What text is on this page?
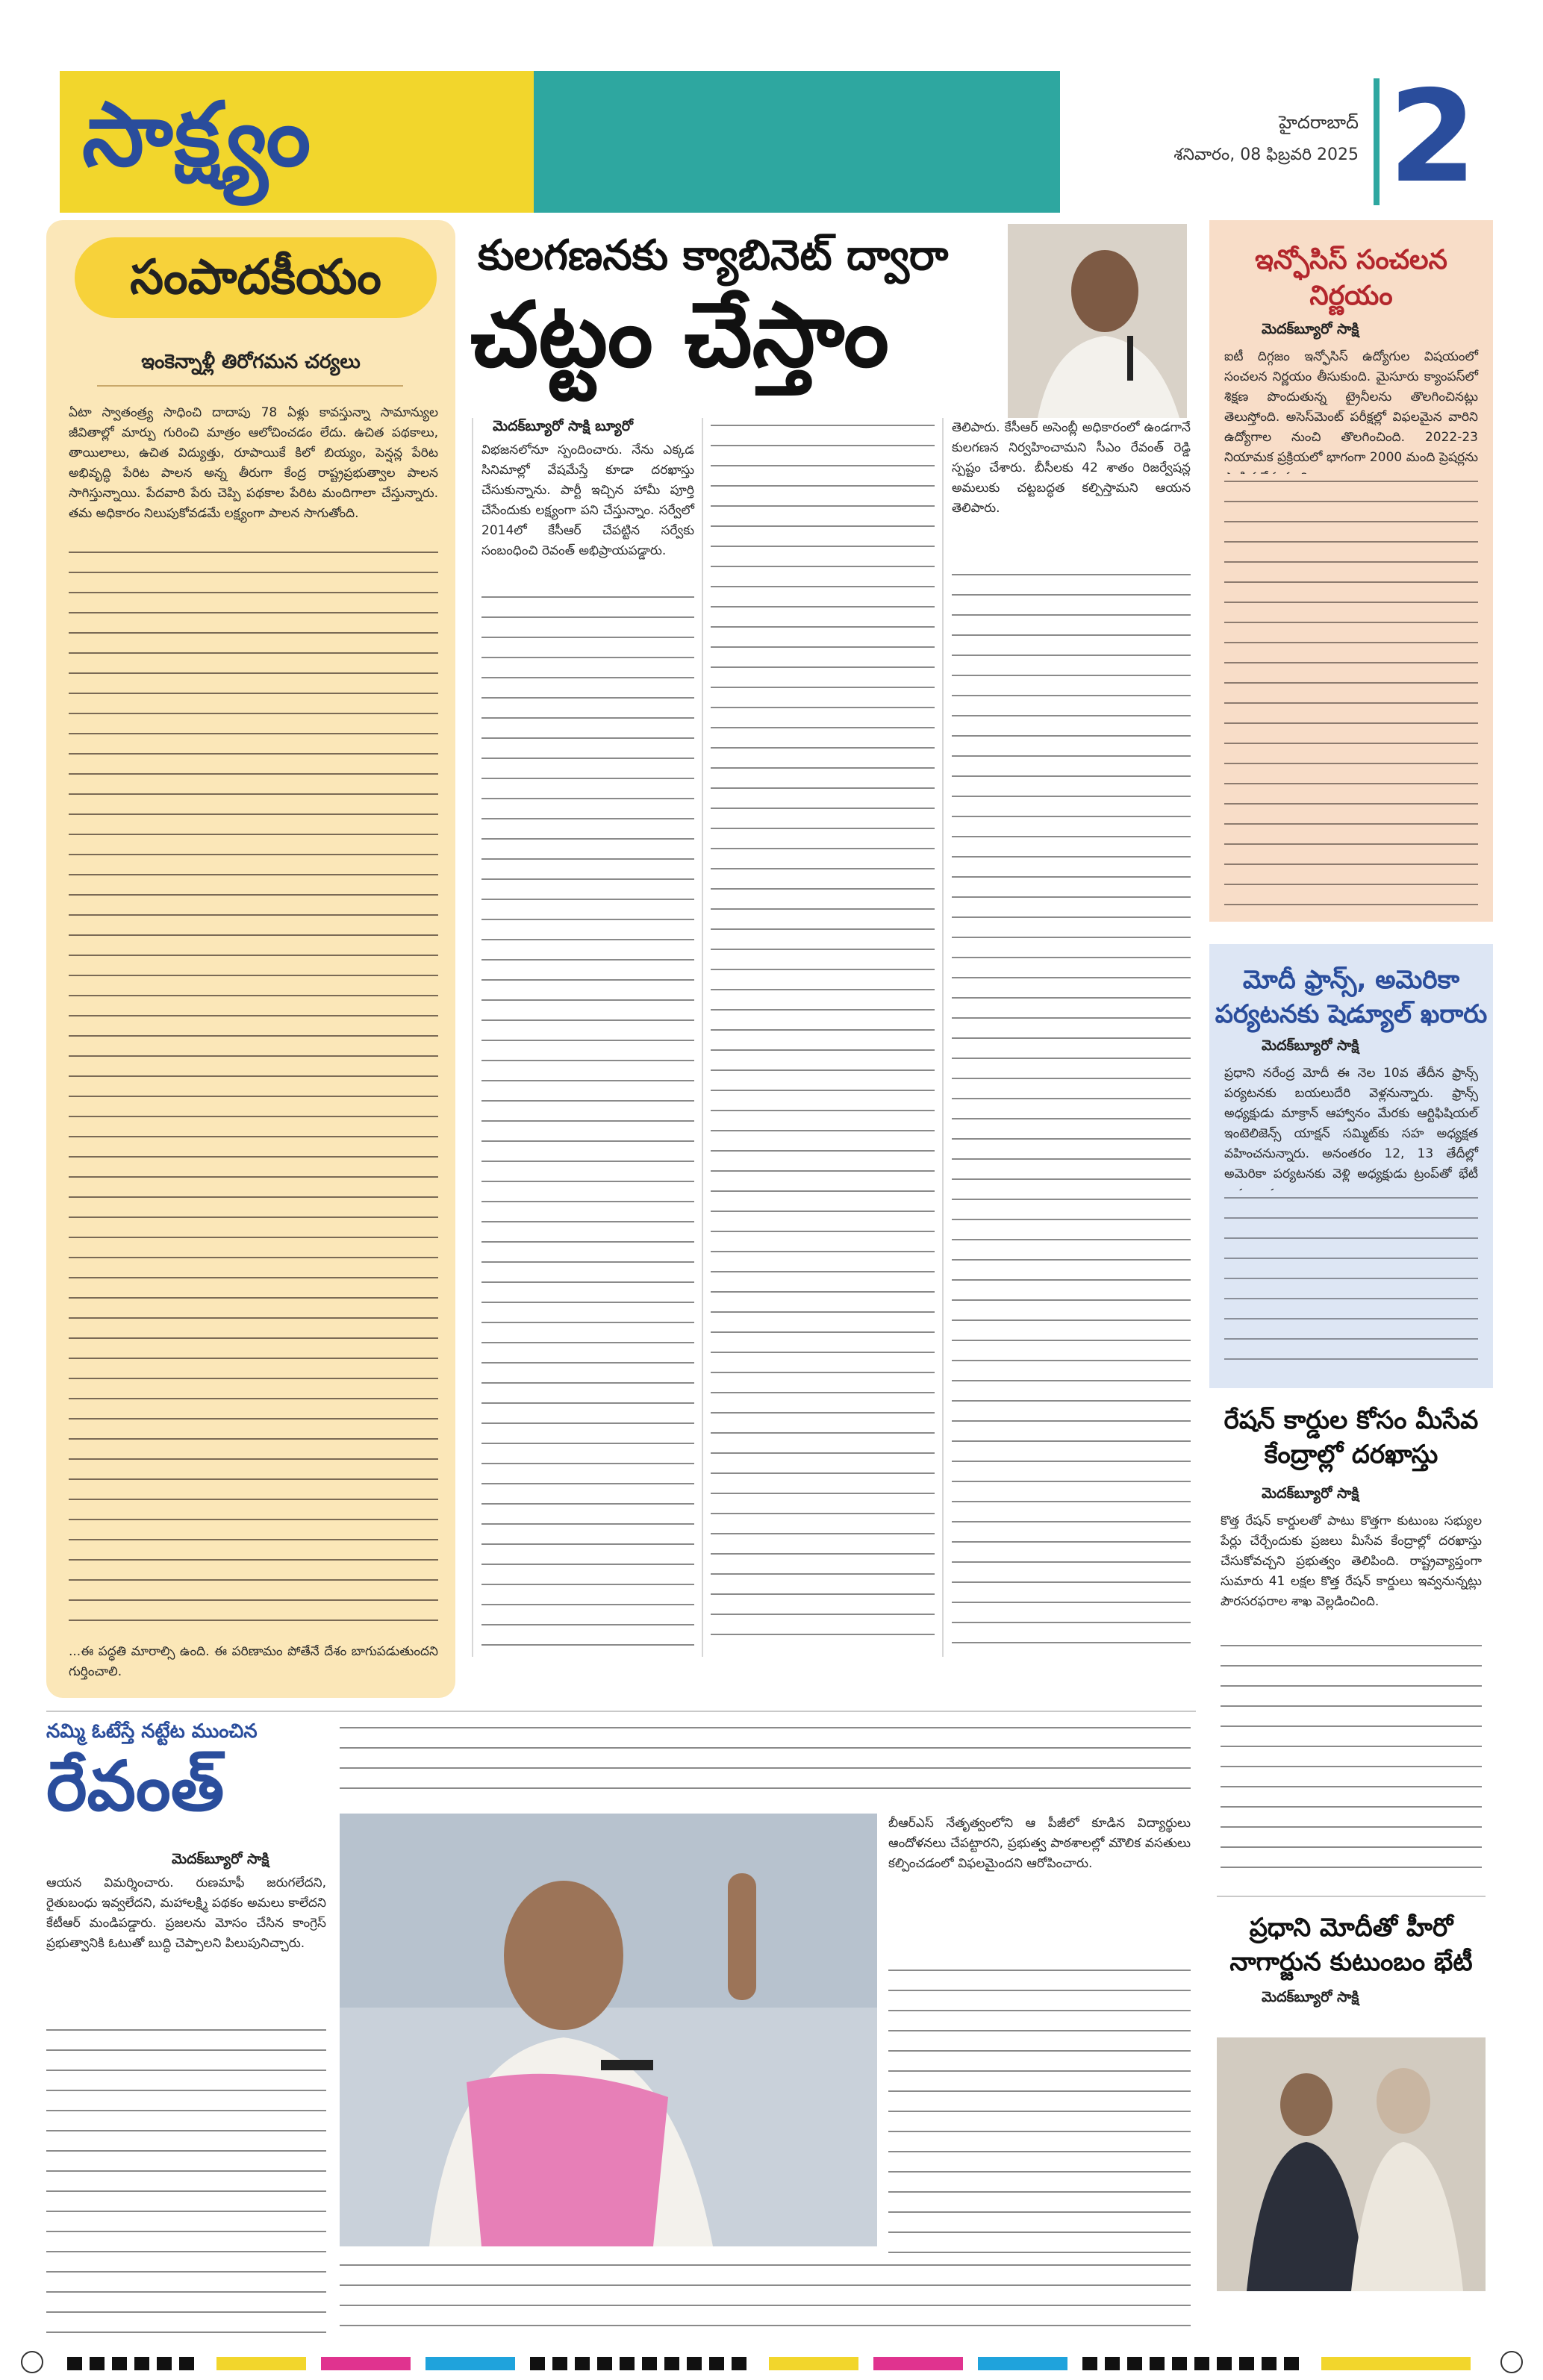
సాక్ష్యం	హైదరాబాద్
శనివారం, 08 ఫిబ్రవరి 2025 2
సంపాదకీయం
ఇంకెన్నాళ్లీ తిరోగమన చర్యలు
ఏటా స్వాతంత్ర్య సాధించి దాదాపు 78 ఏళ్లు కావస్తున్నా సామాన్యుల జీవితాల్లో మార్పు గురించి మాత్రం ఆలోచించడం లేదు. ఉచిత పథకాలు, తాయిలాలు, ఉచిత విద్యుత్తు, రూపాయికే కిలో బియ్యం, పెన్షన్ల పేరిట అభివృద్ధి పేరిట పాలన అన్న తీరుగా కేంద్ర రాష్ట్రప్రభుత్వాల పాలన సాగిస్తున్నాయి. పేదవారి పేరు చెప్పి పథకాల పేరిట మందిగాలా చేస్తున్నారు. తమ అధికారం నిలుపుకోవడమే లక్ష్యంగా పాలన సాగుతోంది.
...ఈ పద్ధతి మారాల్సి ఉంది. ఈ పరిణామం పోతేనే దేశం బాగుపడుతుందని గుర్తించాలి.
కులగణనకు క్యాబినెట్ ద్వారా
చట్టం చేస్తాం
మెదక్‌బ్యూరో సాక్షి బ్యూరో
విభజనలోనూ స్పందించారు. నేను ఎక్కడ సినిమాల్లో వేషమేస్తే కూడా దరఖాస్తు చేసుకున్నాను. పార్టీ ఇచ్చిన హామీ పూర్తి చేసేందుకు లక్ష్యంగా పని చేస్తున్నాం. సర్వేలో 2014లో కేసీఆర్ చేపట్టిన సర్వేకు సంబంధించి రెవంత్ అభిప్రాయపడ్డారు.
తెలిపారు. కేసీఆర్ అసెంబ్లీ అధికారంలో ఉండగానే కులగణన నిర్వహించామని సీఎం రేవంత్ రెడ్డి స్పష్టం చేశారు. బీసీలకు 42 శాతం రిజర్వేషన్ల అమలుకు చట్టబద్ధత కల్పిస్తామని ఆయన తెలిపారు.
ఇన్ఫోసిస్ సంచలన
నిర్ణయం
మెదక్‌బ్యూరో సాక్షి
ఐటీ దిగ్గజం ఇన్ఫోసిస్ ఉద్యోగుల విషయంలో సంచలన నిర్ణయం తీసుకుంది. మైసూరు క్యాంపస్‌లో శిక్షణ పొందుతున్న ట్రైనీలను తొలగించినట్లు తెలుస్తోంది. అసెస్‌మెంట్ పరీక్షల్లో విఫలమైన వారిని ఉద్యోగాల నుంచి తొలగించింది. 2022-23 నియామక ప్రక్రియలో భాగంగా 2000 మంది ప్రెషర్లను
మోదీ ఫ్రాన్స్, అమెరికా
పర్యటనకు షెడ్యూల్ ఖరారు
మెదక్‌బ్యూరో సాక్షి
ప్రధాని నరేంద్ర మోదీ ఈ నెల 10వ తేదీన ఫ్రాన్స్ పర్యటనకు బయలుదేరి వెళ్లనున్నారు. ఫ్రాన్స్ అధ్యక్షుడు మాక్రాన్ ఆహ్వానం మేరకు ఆర్టిఫిషియల్ ఇంటెలిజెన్స్ యాక్షన్ సమ్మిట్‌కు సహ అధ్యక్షత వహించనున్నారు. అనంతరం 12, 13 తేదీల్లో అమెరికా పర్యటనకు వెళ్లి అధ్యక్షుడు ట్రంప్‌తో భేటీ
రేషన్ కార్డుల కోసం మీసేవ
కేంద్రాల్లో దరఖాస్తు
మెదక్‌బ్యూరో సాక్షి
కొత్త రేషన్ కార్డులతో పాటు కొత్తగా కుటుంబ సభ్యుల పేర్లు చేర్చేందుకు ప్రజలు మీసేవ కేంద్రాల్లో దరఖాస్తు చేసుకోవచ్చని ప్రభుత్వం తెలిపింది. రాష్ట్రవ్యాప్తంగా సుమారు 41 లక్షల కొత్త రేషన్ కార్డులు ఇవ్వనున్నట్లు పౌరసరఫరాల శాఖ వెల్లడించింది.
ప్రధాని మోదీతో హీరో
నాగార్జున కుటుంబం భేటీ
మెదక్‌బ్యూరో సాక్షి
నమ్మి ఓటేస్తే నట్టేట ముంచిన
రేవంత్
మెదక్‌బ్యూరో సాక్షి
ఆయన విమర్శించారు. రుణమాఫీ జరుగలేదని, రైతుబంధు ఇవ్వలేదని, మహాలక్ష్మి పథకం అమలు కాలేదని కేటీఆర్ మండిపడ్డారు. ప్రజలను మోసం చేసిన కాంగ్రెస్ ప్రభుత్వానికి ఓటుతో బుద్ధి చెప్పాలని పిలుపునిచ్చారు.
బీఆర్ఎస్ నేతృత్వంలోని ఆ పీజీలో కూడిన విద్యార్థులు ఆందోళనలు చేపట్టారని, ప్రభుత్వ పాఠశాలల్లో మౌలిక వసతులు కల్పించడంలో విఫలమైందని ఆరోపించారు.
